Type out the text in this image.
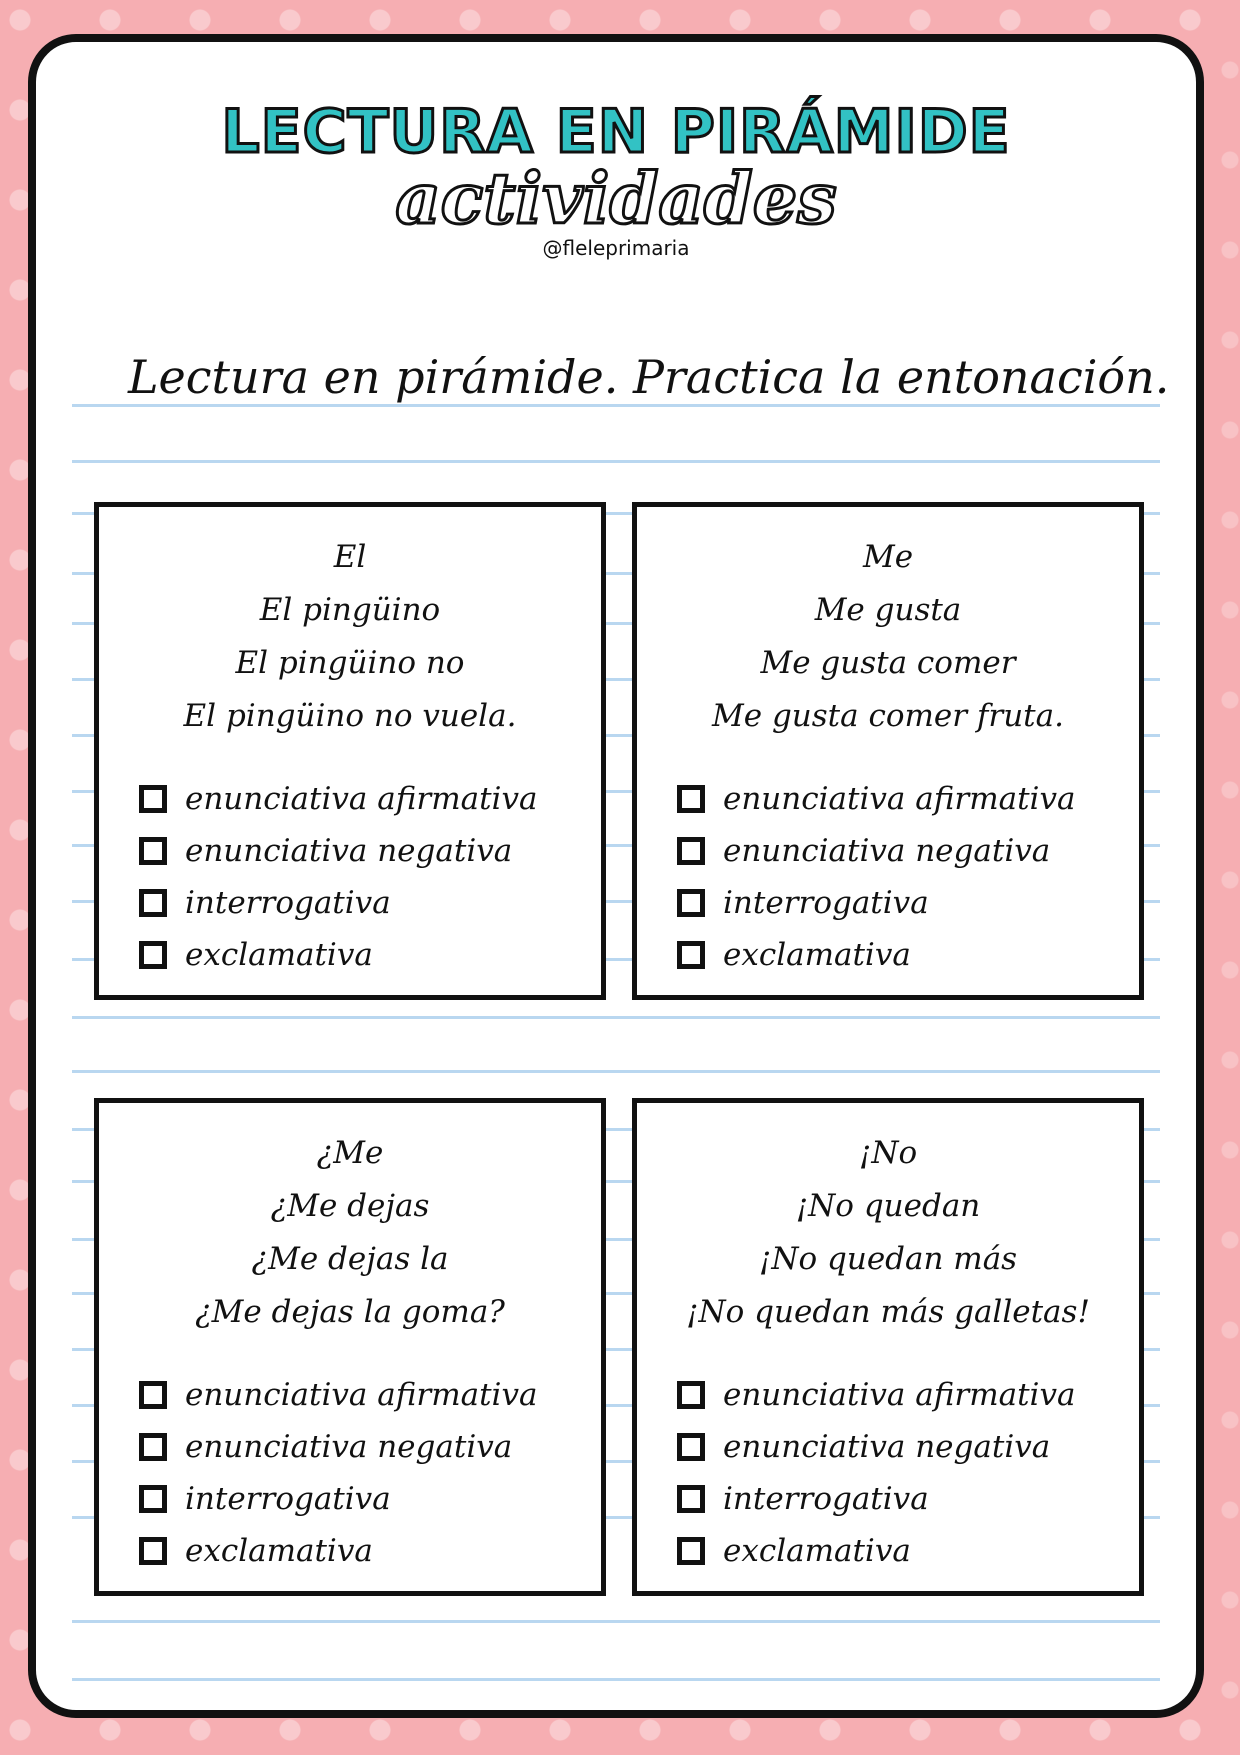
LECTURA EN PIRÁMIDE
actividades
@fleleprimaria
Lectura en pirámide. Practica la entonación.
El
El pingüino
El pingüino no
El pingüino no vuela.
enunciativa afirmativa
enunciativa negativa
interrogativa
exclamativa
Me
Me gusta
Me gusta comer
Me gusta comer fruta.
enunciativa afirmativa
enunciativa negativa
interrogativa
exclamativa
¿Me
¿Me dejas
¿Me dejas la
¿Me dejas la goma?
enunciativa afirmativa
enunciativa negativa
interrogativa
exclamativa
¡No
¡No quedan
¡No quedan más
¡No quedan más galletas!
enunciativa afirmativa
enunciativa negativa
interrogativa
exclamativa
